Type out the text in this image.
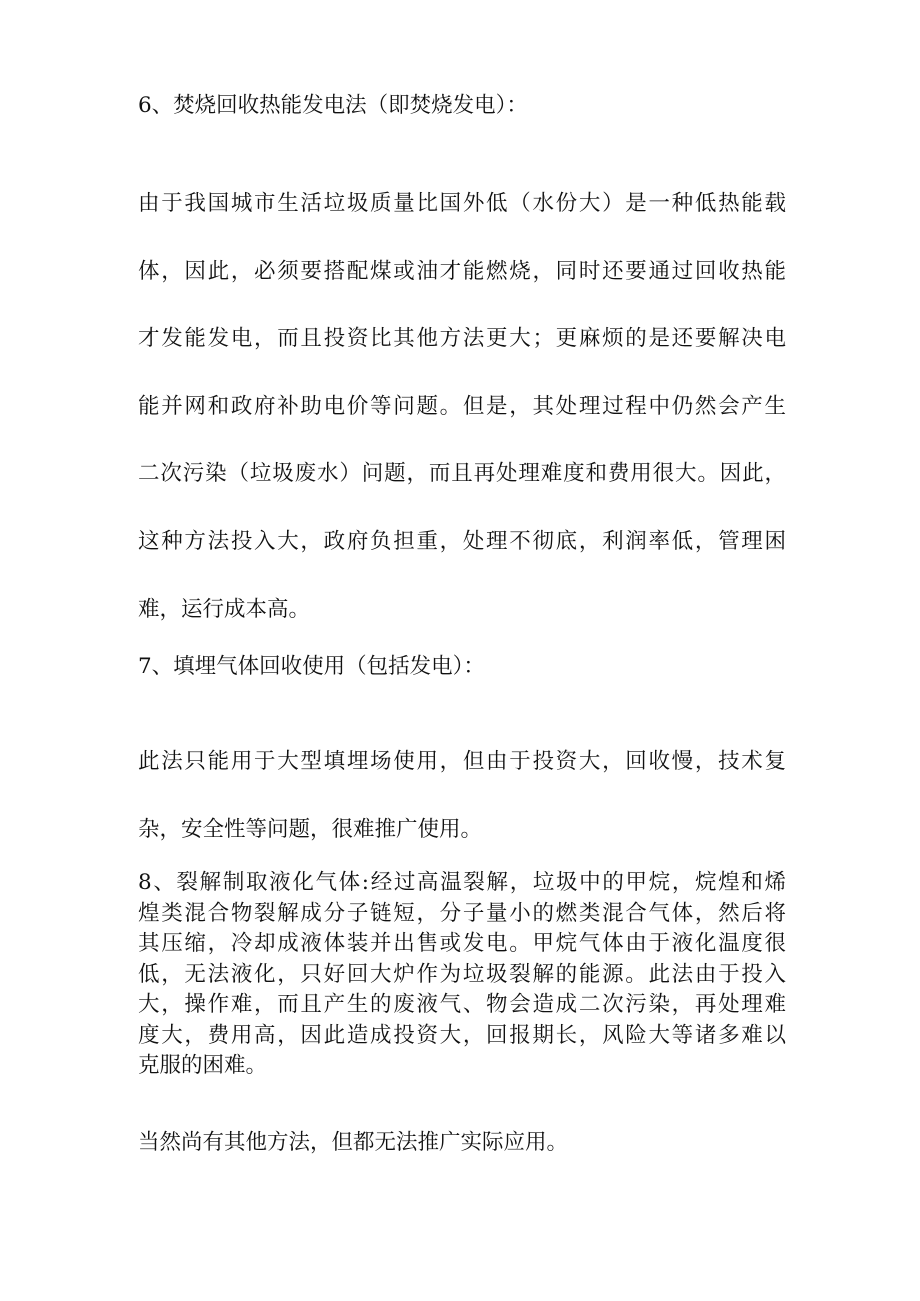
6、焚烧回收热能发电法（即焚烧发电）：
由于我国城市生活垃圾质量比国外低（水份大）是一种低热能载
体，因此，必须要搭配煤或油才能燃烧，同时还要通过回收热能
才发能发电，而且投资比其他方法更大；更麻烦的是还要解决电
能并网和政府补助电价等问题。但是，其处理过程中仍然会产生
二次污染（垃圾废水）问题，而且再处理难度和费用很大。因此，
这种方法投入大，政府负担重，处理不彻底，利润率低，管理困
难，运行成本高。
7、填埋气体回收使用（包括发电）：
此法只能用于大型填埋场使用，但由于投资大，回收慢，技术复
杂，安全性等问题，很难推广使用。
8、裂解制取液化气体:经过高温裂解，垃圾中的甲烷，烷煌和烯
煌类混合物裂解成分子链短，分子量小的燃类混合气体，然后将
其压缩，冷却成液体装并出售或发电。甲烷气体由于液化温度很
低，无法液化，只好回大炉作为垃圾裂解的能源。此法由于投入
大，操作难，而且产生的废液气、物会造成二次污染，再处理难
度大，费用高，因此造成投资大，回报期长，风险大等诸多难以
克服的困难。
当然尚有其他方法，但都无法推广实际应用。
